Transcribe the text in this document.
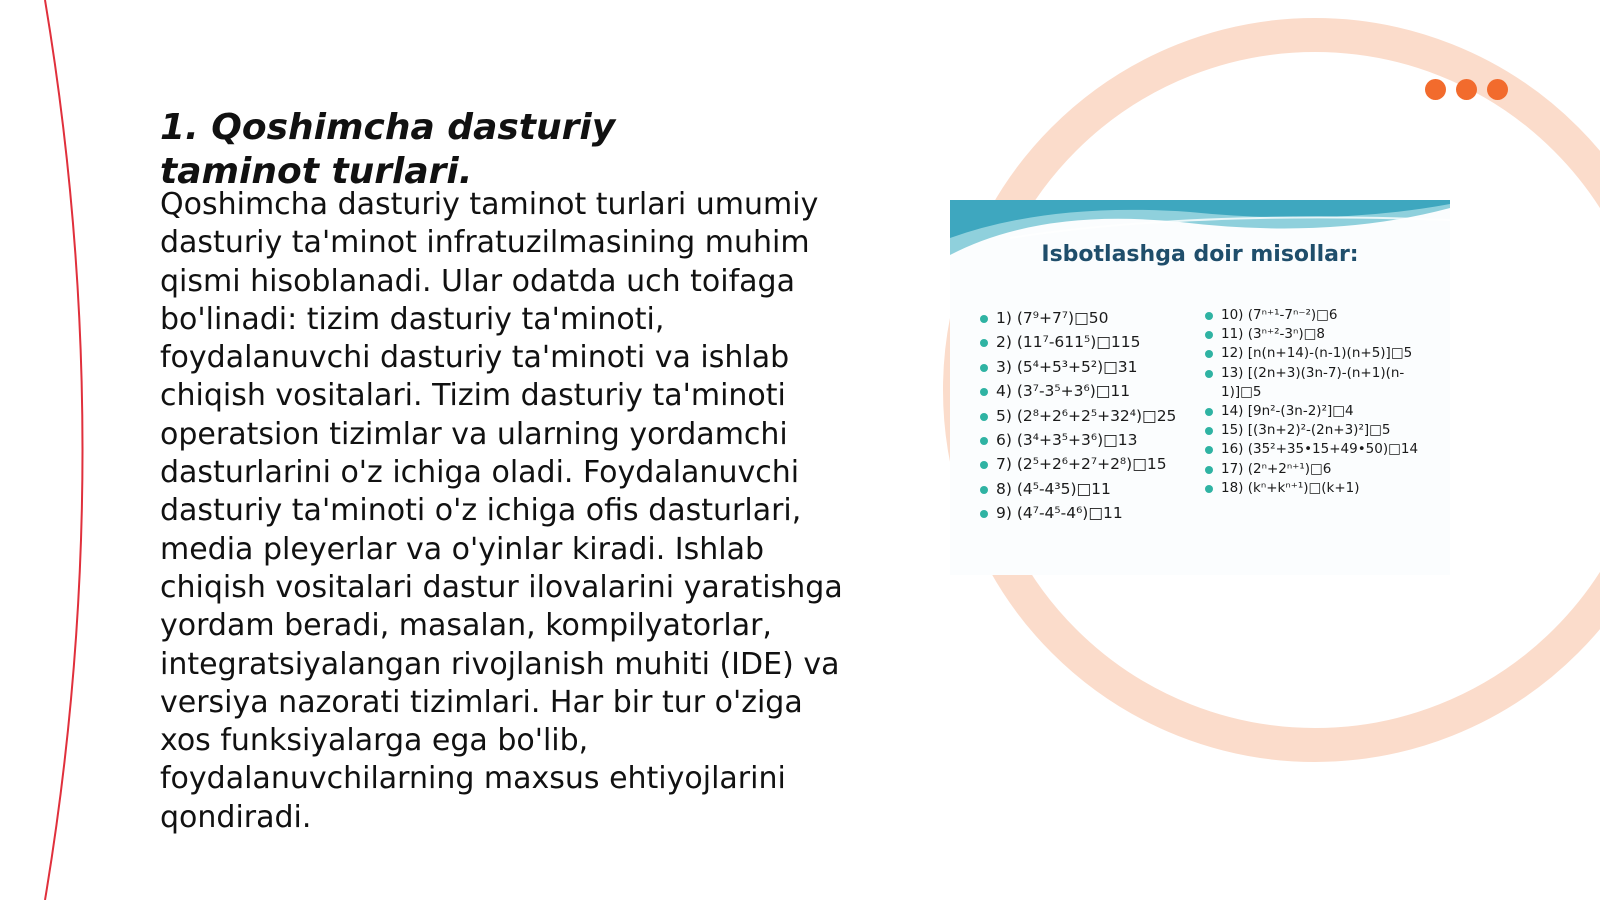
1. Qoshimcha dasturiy taminot turlari.

Qoshimcha dasturiy taminot turlari umumiy dasturiy ta'minot infratuzilmasining muhim qismi hisoblanadi. Ular odatda uch toifaga bo'linadi: tizim dasturiy ta'minoti, foydalanuvchi dasturiy ta'minoti va ishlab chiqish vositalari. Tizim dasturiy ta'minoti operatsion tizimlar va ularning yordamchi dasturlarini o'z ichiga oladi. Foydalanuvchi dasturiy ta'minoti o'z ichiga ofis dasturlari, media pleyerlar va o'yinlar kiradi. Ishlab chiqish vositalari dastur ilovalarini yaratishga yordam beradi, masalan, kompilyatorlar, integratsiyalangan rivojlanish muhiti (IDE) va versiya nazorati tizimlari. Har bir tur o'ziga xos funksiyalarga ega bo'lib, foydalanuvchilarning maxsus ehtiyojlarini qondiradi.

Isbotlashga doir misollar:
1) (7⁹+7⁷)□50
2) (11⁷-611⁵)□115
3) (5⁴+5³+5²)□31
4) (3⁷-3⁵+3⁶)□11
5) (2⁸+2⁶+2⁵+32⁴)□25
6) (3⁴+3⁵+3⁶)□13
7) (2⁵+2⁶+2⁷+2⁸)□15
8) (4⁵-4³5)□11
9) (4⁷-4⁵-4⁶)□11
10) (7ⁿ⁺¹-7ⁿ⁻²)□6
11) (3ⁿ⁺²-3ⁿ)□8
12) [n(n+14)-(n-1)(n+5)]□5
13) [(2n+3)(3n-7)-(n+1)(n-1)]□5
14) [9n²-(3n-2)²]□4
15) [(3n+2)²-(2n+3)²]□5
16) (35²+35•15+49•50)□14
17) (2ⁿ+2ⁿ⁺¹)□6
18) (kⁿ+kⁿ⁺¹)□(k+1)
